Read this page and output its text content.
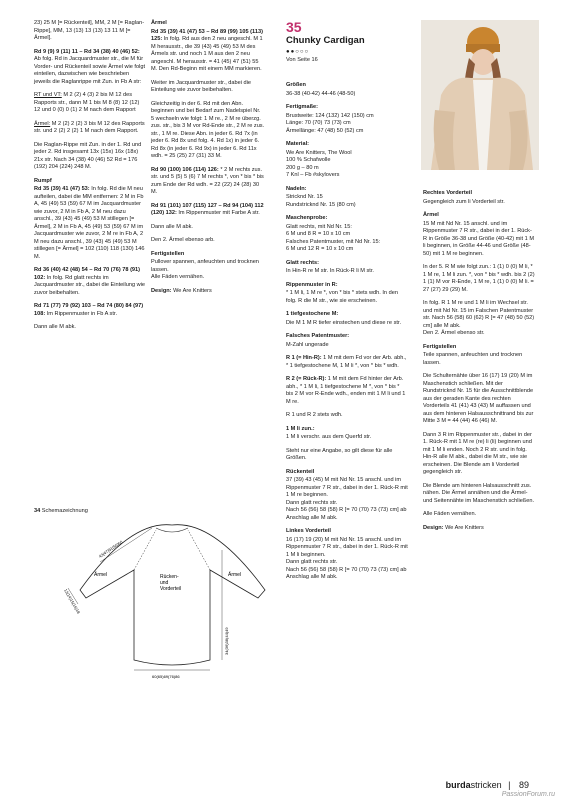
23) 25 M [= Rückenteil], MM, 2 M [= Raglan-Rippe], MM, 13 (13) 13 (13) 13 11 M [= Ärmel].

Rd 9 (9) 9 (11) 11 – Rd 34 (38) 40 (46) 52: Ab folg. Rd in Jacquardmuster str., die M für Vorder- und Rückenteil sowie Ärmel wie folgt einteilen, dazwischen wie beschrieben jeweils die Raglanrippe mit Zun. in Fb A str:

RT und VT: M 2 (2) 4 (3) 2 bis M 12 des Rapports str., dann M 1 bis M 8 (8) 12 (12) 12 und 0 (0) 0 (1) 2 M nach dem Rapport

Ärmel: M 2 (2) 2 (2) 3 bis M 12 des Rapports str. und 2 (2) 2 (2) 1 M nach dem Rapport.

Die Raglan-Rippe mit Zun. in der 1. Rd und jeder 2. Rd insgesamt 13x (15x) 16x (18x) 21x str. Nach 34 (38) 40 (46) 52 Rd = 176 (192) 204 (224) 248 M.

Rumpf

Rd 35 (39) 41 (47) 53: In folg. Rd die M neu aufteilen, dabei die MM entfernen: 2 M in Fb A, 45 (49) 53 (59) 67 M im Jacquardmuster wie zuvor, 2 M in Fb A, 2 M neu dazu anschl., 39 (43) 45 (49) 53 M stillegen [= Ärmel], 2 M in Fb A, 45 (49) 53 (59) 67 M im Jacquardmuster wie zuvor, 2 M re in Fb A, 2 M neu dazu anschl., 39 (43) 45 (49) 53 M stillegen [= Ärmel] = 102 (110) 118 (130) 146 M.

Rd 36 (40) 42 (48) 54 – Rd 70 (76) 78 (91) 102: In folg. Rd glatt rechts im Jacquardmuster str., dabei die Einteilung wie zuvor beibehalten.

Rd 71 (77) 79 (92) 103 – Rd 74 (80) 84 (97) 108: Im Rippenmuster in Fb A str.

Dann alle M abk.

Ärmel

Rd 35 (39) 41 (47) 53 – Rd 89 (99) 105 (113) 125: In folg. Rd aus den 2 neu angeschl. M 1 M herausstr., die 39 (43) 45 (49) 53 M des Ärmels str. und noch 1 M aus den 2 neu angeschl. M herausstr. = 41 (45) 47 (51) 55 M. Den Rd-Beginn mit einem MM markieren.

Weiter im Jacquardmuster str., dabei die Einteilung wie zuvor beibehalten.

Gleichzeitig in der 6. Rd mit den Abn. beginnen und bei Bedarf zum Nadelspiel Nr. 5 wechseln wie folgt: 1 M re., 2 M re überzg. zus. str., bis 3 M vor Rd-Ende str., 2 M re zus. str., 1 M re. Diese Abn. in jeder 6. Rd 7x (in jeder 6. Rd 8x und folg. 4. Rd 1x) in jeder 6. Rd 8x (in jeder 6. Rd 9x) in jeder 6. Rd 11x wdh. = 25 (25) 27 (31) 33 M.

Rd 90 (100) 106 (114) 126: * 2 M rechts zus. str. und 5 (5) 5 (6) 7 M rechts *, von * bis * bis zum Ende der Rd wdh. = 22 (22) 24 (28) 30 M.

Rd 91 (101) 107 (115) 127 – Rd 94 (104) 112 (120) 132: Im Rippenmuster mit Farbe A str.

Dann alle M abk.

Den 2. Ärmel ebenso arb.

Fertigstellen

Pullover spannen, anfeuchten und trocknen lassen.
Alle Fäden vernähen.

Design: We Are Knitters

35
Chunky Cardigan
●●○○○
Von Seite 16

Größen

36-38 (40-42) 44-46 (48-50)

Fertigmaße:

Brustweite: 124 (132) 142 (150) cm
Länge: 70 (70) 73 (73) cm
Ärmellänge: 47 (48) 50 (52) cm

Material:

We Are Knitters, The Wool
100 % Schafwolle
200 g – 80 m
7 Knl – Fb #skylovers

Nadeln:

Stricknd Nr. 15
Rundstricknd Nr. 15 (80 cm)

Maschenprobe:

Glatt rechts, mit Nd Nr. 15:
6 M und 8 R = 10 x 10 cm
Falsches Patentmuster, mit Nd Nr. 15:
6 M und 12 R = 10 x 10 cm

Glatt rechts:

In Hin-R re M str. In Rück-R li M str.

Rippenmuster in R:

* 1 M li, 1 M re *, von * bis * stets wdh. In den folg. R die M str., wie sie erscheinen.

1 tiefgestochene M:

Die M 1 M R tiefer einstechen und diese re str.

Falsches Patentmuster:

M-Zahl ungerade

R 1 (= Hin-R): 1 M mit dem Fd vor der Arb. abh., * 1 tiefgestochene M, 1 M li *, von * bis * wdh.

R 2 (= Rück-R): 1 M mit dem Fd hinter der Arb. abh., * 1 M li, 1 tiefgestochene M *, von * bis * bis 2 M vor R-Ende wdh., enden mit 1 M li und 1 M re.

R 1 und R 2 stets wdh.

1 M li zun.:

1 M li verschr. aus dem Querfd str.

Steht nur eine Angabe, so gilt diese für alle Größen.

Rückenteil

37 (39) 43 (45) M mit Nd Nr. 15 anschl. und im Rippenmuster 7 R str., dabei in der 1. Rück-R mit 1 M re beginnen.
Dann glatt rechts str.
Nach 56 (56) 58 (58) R [= 70 (70) 73 (73) cm] ab Anschlag alle M abk.

Linkes Vorderteil

16 (17) 19 (20) M mit Nd Nr. 15 anschl. und im Rippenmuster 7 R str., dabei in der 1. Rück-R mit 1 M li beginnen.
Dann glatt rechts str.
Nach 56 (56) 58 (58) R [= 70 (70) 73 (73) cm] ab Anschlag alle M abk.

Rechtes Vorderteil

Gegengleich zum li Vorderteil str.

Ärmel

15 M mit Nd Nr. 15 anschl. und im Rippenmuster 7 R str., dabei in der 1. Rück-R in Größe 36-38 und Größe (40-42) mit 1 M li beginnen, in Größe 44-46 und Größe (48-50) mit 1 M re beginnen.

In der 5. R M wie folgt zun.: 1 (1) 0 (0) M li, * 1 M re, 1 M li zun. *, von * bis * wdh. bis 2 (2) 1 (1) M vor R-Ende, 1 M re, 1 (1) 0 (0) M li. = 27 (27) 29 (29) M.

In folg. R 1 M re und 1 M li im Wechsel str. und mit Nd Nr. 15 im Falschen Patentmuster str. Nach 56 (58) 60 (62) R [= 47 (48) 50 (52) cm] alle M abk.
Den 2. Ärmel ebenso str.

Fertigstellen

Teile spannen, anfeuchten und trocknen lassen.

Die Schulternähte über 16 (17) 19 (20) M im Maschenstich schließen. Mit der Rundstricknd Nr. 15 für die Ausschnittblende aus der geraden Kante des rechten Vorderteils 41 (41) 43 (43) M auffassen und aus dem hinteren Halsausschnittrand bis zur Mitte 3 M = 44 (44) 46 (46) M.

Dann 3 R im Rippenmuster str., dabei in der 1. Rück-R mit 1 M re (re) li (li) beginnen und mit 1 M li enden. Noch 2 R str. und in folg. Hin-R alle M abk., dabei die M str., wie sie erscheinen. Die Blende am li Vorderteil gegengleich str.

Die Blende am hinteren Halsausschnitt zus. nähen. Die Ärmel annähen und die Ärmel- und Seitennähte im Maschenstich schließen.

Alle Fäden vernähen.

Design: We Are Knitters

34 Schemazeichnung
Ärmel	Ärmel
Rücken-und Vorderteil
43(47)51(56)60
13(14)15(16)18
34(36)38(44)49
60(65)69(76)86
burdastricken | 89
PassionForum.ru
